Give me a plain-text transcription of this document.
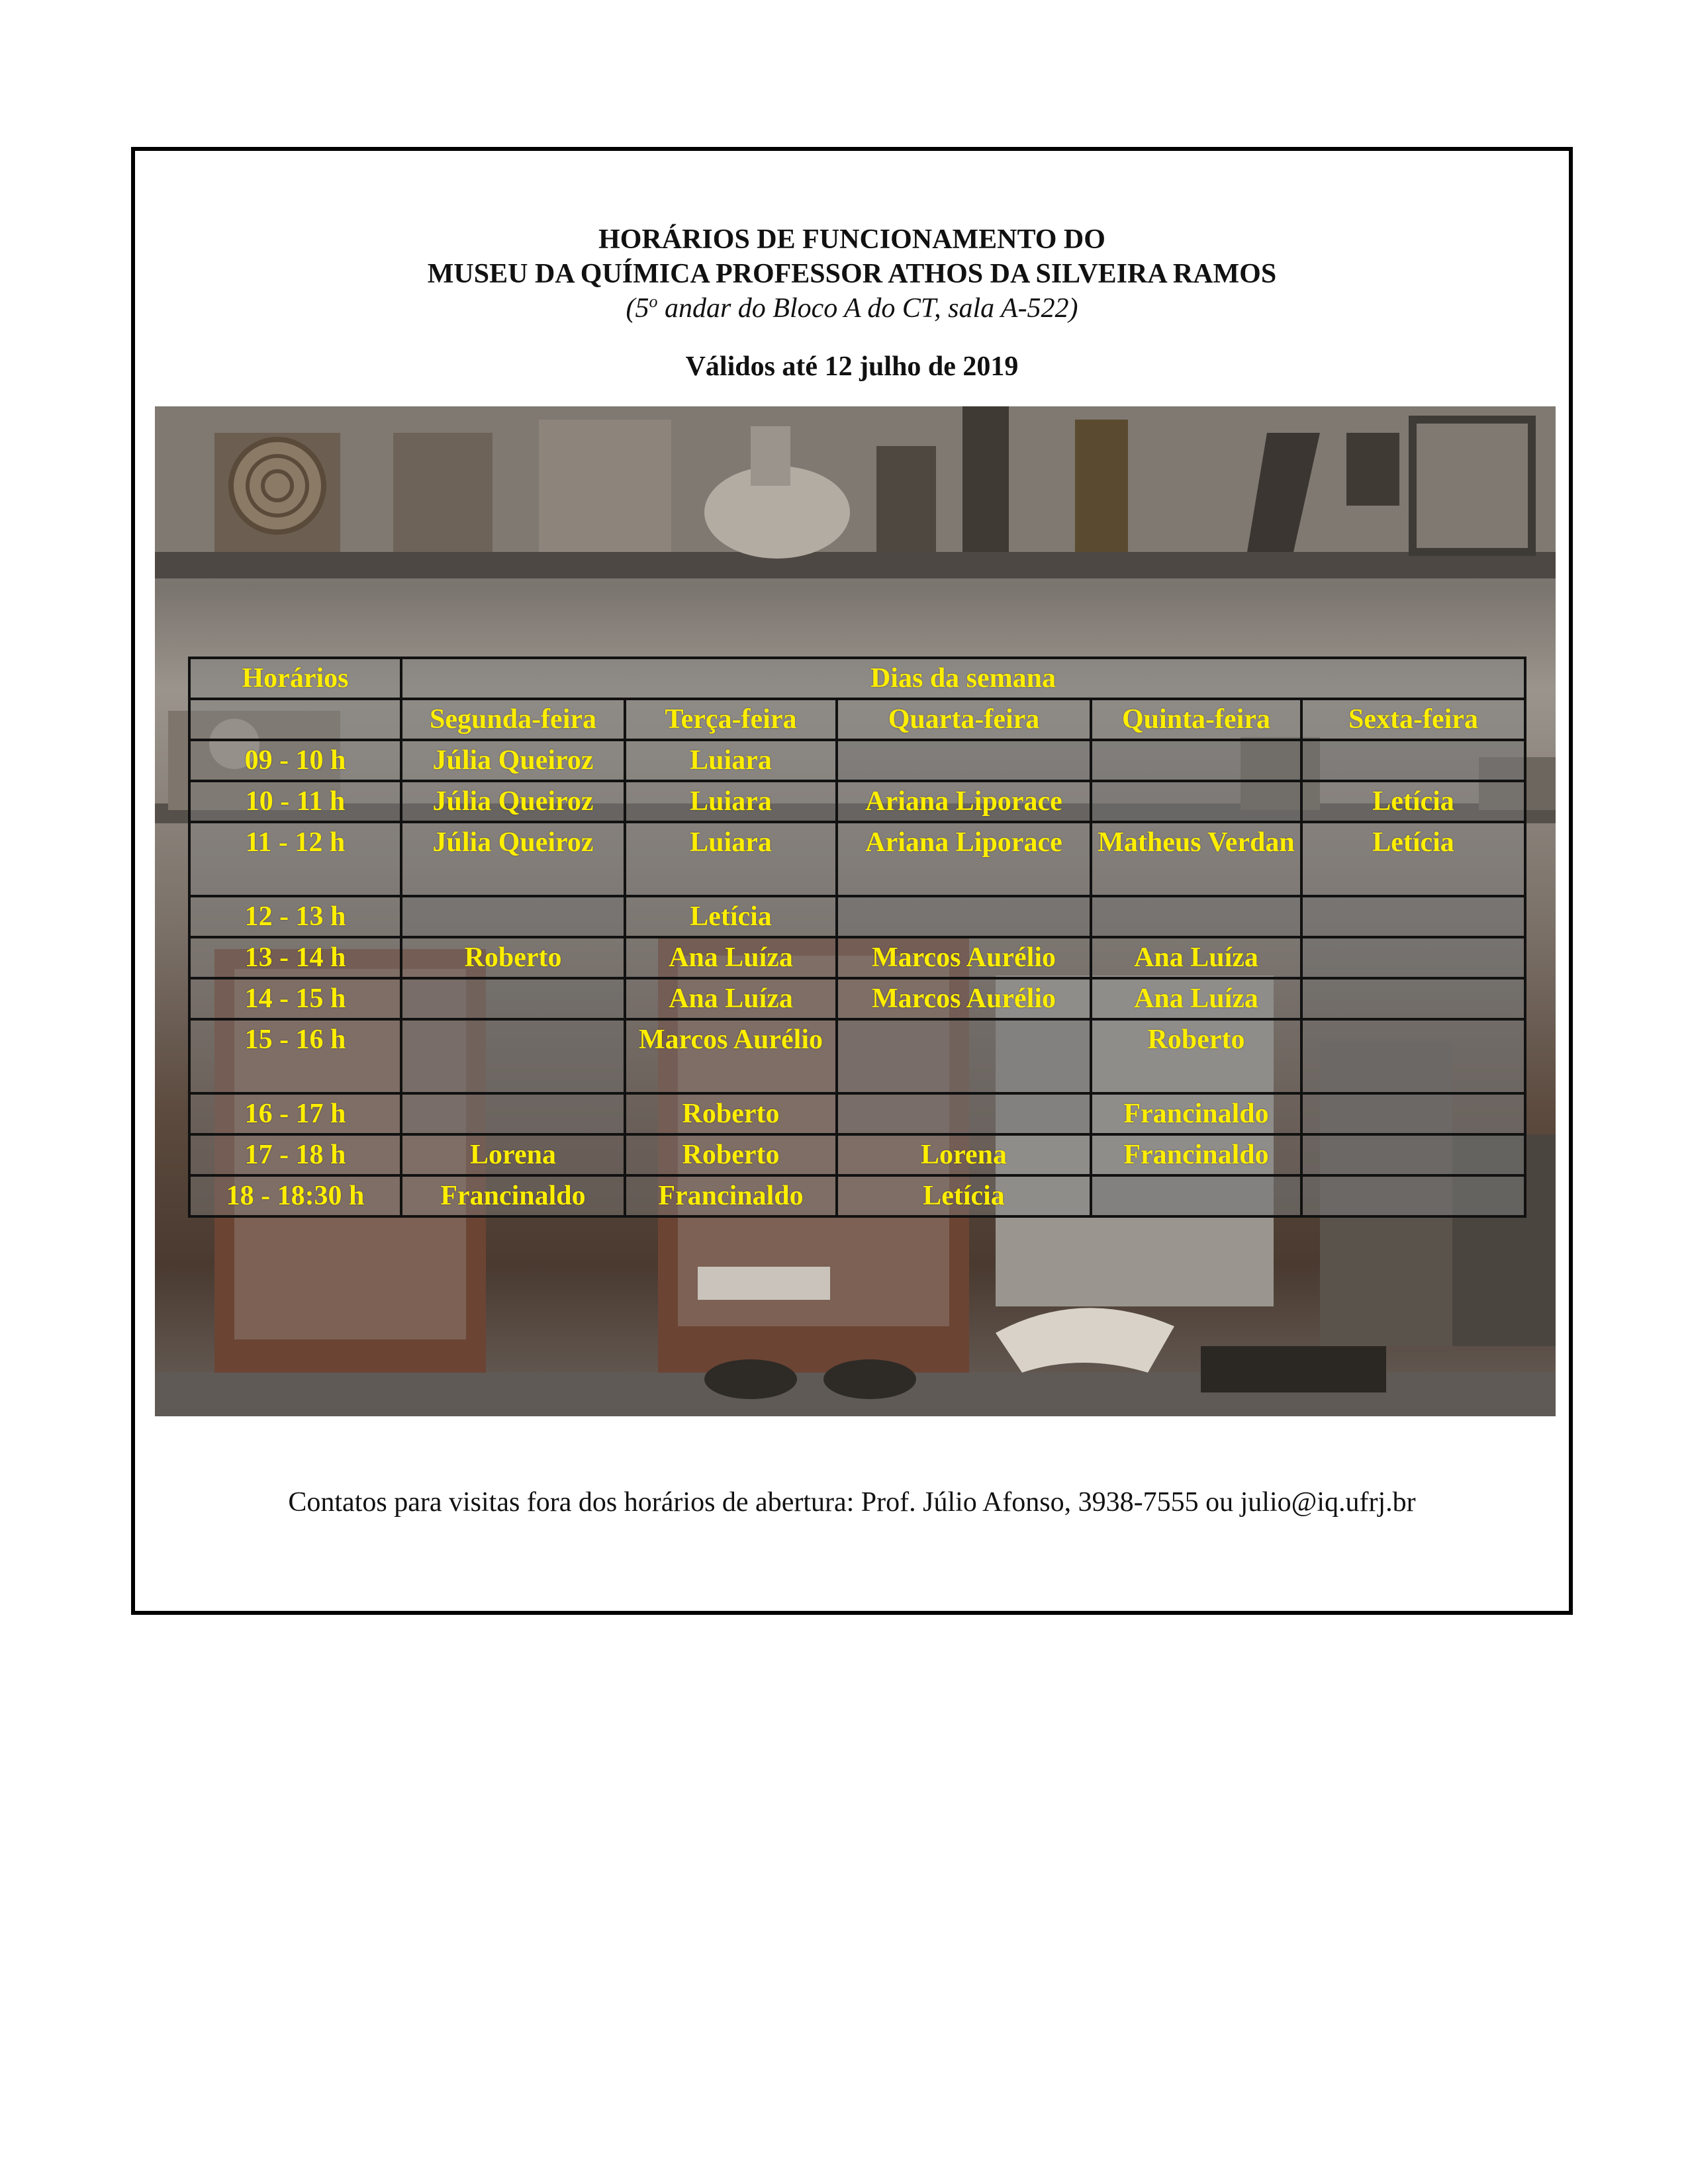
HORÁRIOS DE FUNCIONAMENTO DO

MUSEU DA QUÍMICA PROFESSOR ATHOS DA SILVEIRA RAMOS

(5$^o$ andar do Bloco A do CT, sala A-522)

Válidos até 12 julho de 2019

Horários	Dias da semana				
	Segunda-feira	Terça-feira	Quarta-feira	Quinta-feira	Sexta-feira
09 - 10 h	Júlia Queiroz	Luiara			
10 - 11 h	Júlia Queiroz	Luiara	Ariana Liporace		Letícia
11 - 12 h	Júlia Queiroz	Luiara	Ariana Liporace	Matheus Verdan	Letícia
12 - 13 h		Letícia			
13 - 14 h	Roberto	Ana Luíza	Marcos Aurélio	Ana Luíza	
14 - 15 h		Ana Luíza	Marcos Aurélio	Ana Luíza	
15 - 16 h		Marcos Aurélio		Roberto	
16 - 17 h		Roberto		Francinaldo	
17 - 18 h	Lorena	Roberto	Lorena	Francinaldo	
18 - 18:30 h	Francinaldo	Francinaldo	Letícia		

Contatos para visitas fora dos horários de abertura: Prof. Júlio Afonso, 3938-7555 ou julio@iq.ufrj.br
